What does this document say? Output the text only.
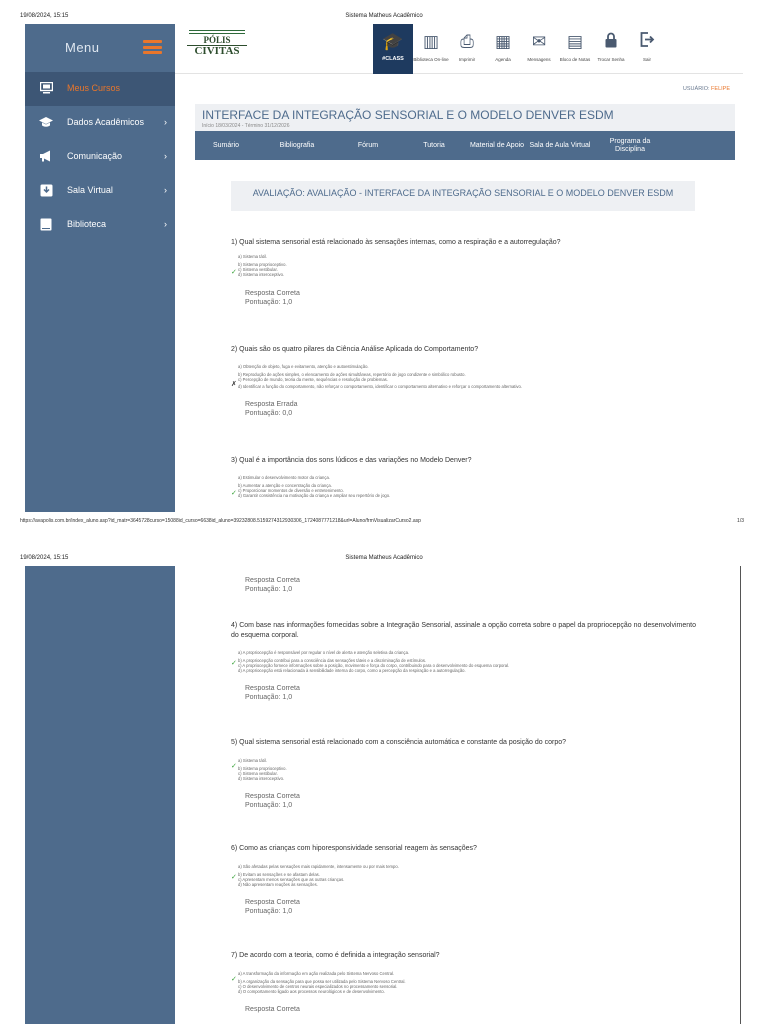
19/08/2024, 15:15	Sistema Matheus Acadêmico
Menu
Meus Cursos
Dados Acadêmicos ›
Comunicação	›
Sala Virtual	›
Biblioteca	›
PÓLIS
CIVITAS	🎓
#CLASS
▥
Biblioteca On-line
⎙
Imprimir
▦
Agenda
✉
Mensagens
▤
Bloco de Notas	Trocar Senha	Sair
USUÁRIO: FELIPE
INTERFACE DA INTEGRAÇÃO SENSORIAL E O MODELO DENVER ESDM
Início 18/03/2024 - Término 31/12/2026
Sumário	Bibliografia	Fórum	Tutoria	Material de Apoio Sala de Aula Virtual
Programa da Disciplina
AVALIAÇÃO: AVALIAÇÃO - INTERFACE DA INTEGRAÇÃO SENSORIAL E O MODELO DENVER ESDM
1) Qual sistema sensorial está relacionado às sensações internas, como a respiração e a autorregulação?
a) Sistema tátil.
b) Sistema proprioceptivo.
c) Sistema vestibular.
✓ d) Sistema interoceptivo.
Resposta Correta
Pontuação: 1,0
2) Quais são os quatro pilares da Ciência Análise Aplicada do Comportamento?
a) Obtenção de objeto, fuga e evitamento, atenção e autoestimulação.
b) Reprodução de ações simples, o elencamento de ações simultâneas, repertório de jogo condizente e simbólico robusto.
c) Percepção de mundo, teoria da mente, sequências e resolução de problemas.
✗ d) Identificar a função do comportamento, não reforçar o comportamento, identificar o comportamento alternativo e reforçar o comportamento alternativo.
Resposta Errada
Pontuação: 0,0
3) Qual é a importância dos sons lúdicos e das variações no Modelo Denver?
a) Estimular o desenvolvimento motor da criança.
b) Aumentar a atenção e concentração da criança.
c) Proporcionar momentos de diversão e entretenimento.
✓ d) Garantir consistência na motivação da criança e ampliar seu repertório de jogo.
https://avapolis.com.br/index_aluno.asp?id_matr=3645728curso=15088id_curso=6638id_aluno=39232808.5159274312930306_1724087771218&url=Aluno/frmVisualizarCurso2.asp	1/3
19/08/2024, 15:15	Sistema Matheus Acadêmico
Resposta Correta
Pontuação: 1,0
4) Com base nas informações fornecidas sobre a Integração Sensorial, assinale a opção correta sobre o papel da propriocepção no desenvolvimento do esquema corporal.
a) A propriocepção é responsável por regular o nível de alerta e atenção seletiva da criança.
b) A propriocepção contribui para a consciência das sensações táteis e a discriminação de estímulos.
✓ c) A propriocepção fornece informações sobre a posição, movimento e força do corpo, contribuindo para o desenvolvimento do esquema corporal.
d) A propriocepção está relacionada à sensibilidade interna do corpo, como a percepção da respiração e a autorregulação.
Resposta Correta
Pontuação: 1,0
5) Qual sistema sensorial está relacionado com a consciência automática e constante da posição do corpo?
a) Sistema tátil.
✓ b) Sistema proprioceptivo.
c) Sistema vestibular.
d) Sistema interoceptivo.
Resposta Correta
Pontuação: 1,0
6) Como as crianças com hiporesponsividade sensorial reagem às sensações?
a) São afetadas pelas sensações mais rapidamente, intensamente ou por mais tempo.
b) Evitam as sensações e se afastam delas.
✓ c) Apresentam menos sensações que as outras crianças.
d) Não apresentam reações às sensações.
Resposta Correta
Pontuação: 1,0
7) De acordo com a teoria, como é definida a integração sensorial?
a) A transformação da informação em ação realizada pelo Sistema Nervoso Central.
✓ b) A organização da sensação para que possa ser utilizada pelo Sistema Nervoso Central.
c) O desenvolvimento de centros neurais especializados no processamento sensorial.
d) O comportamento ligado aos processos neurológicos e de desenvolvimento.
Resposta Correta
